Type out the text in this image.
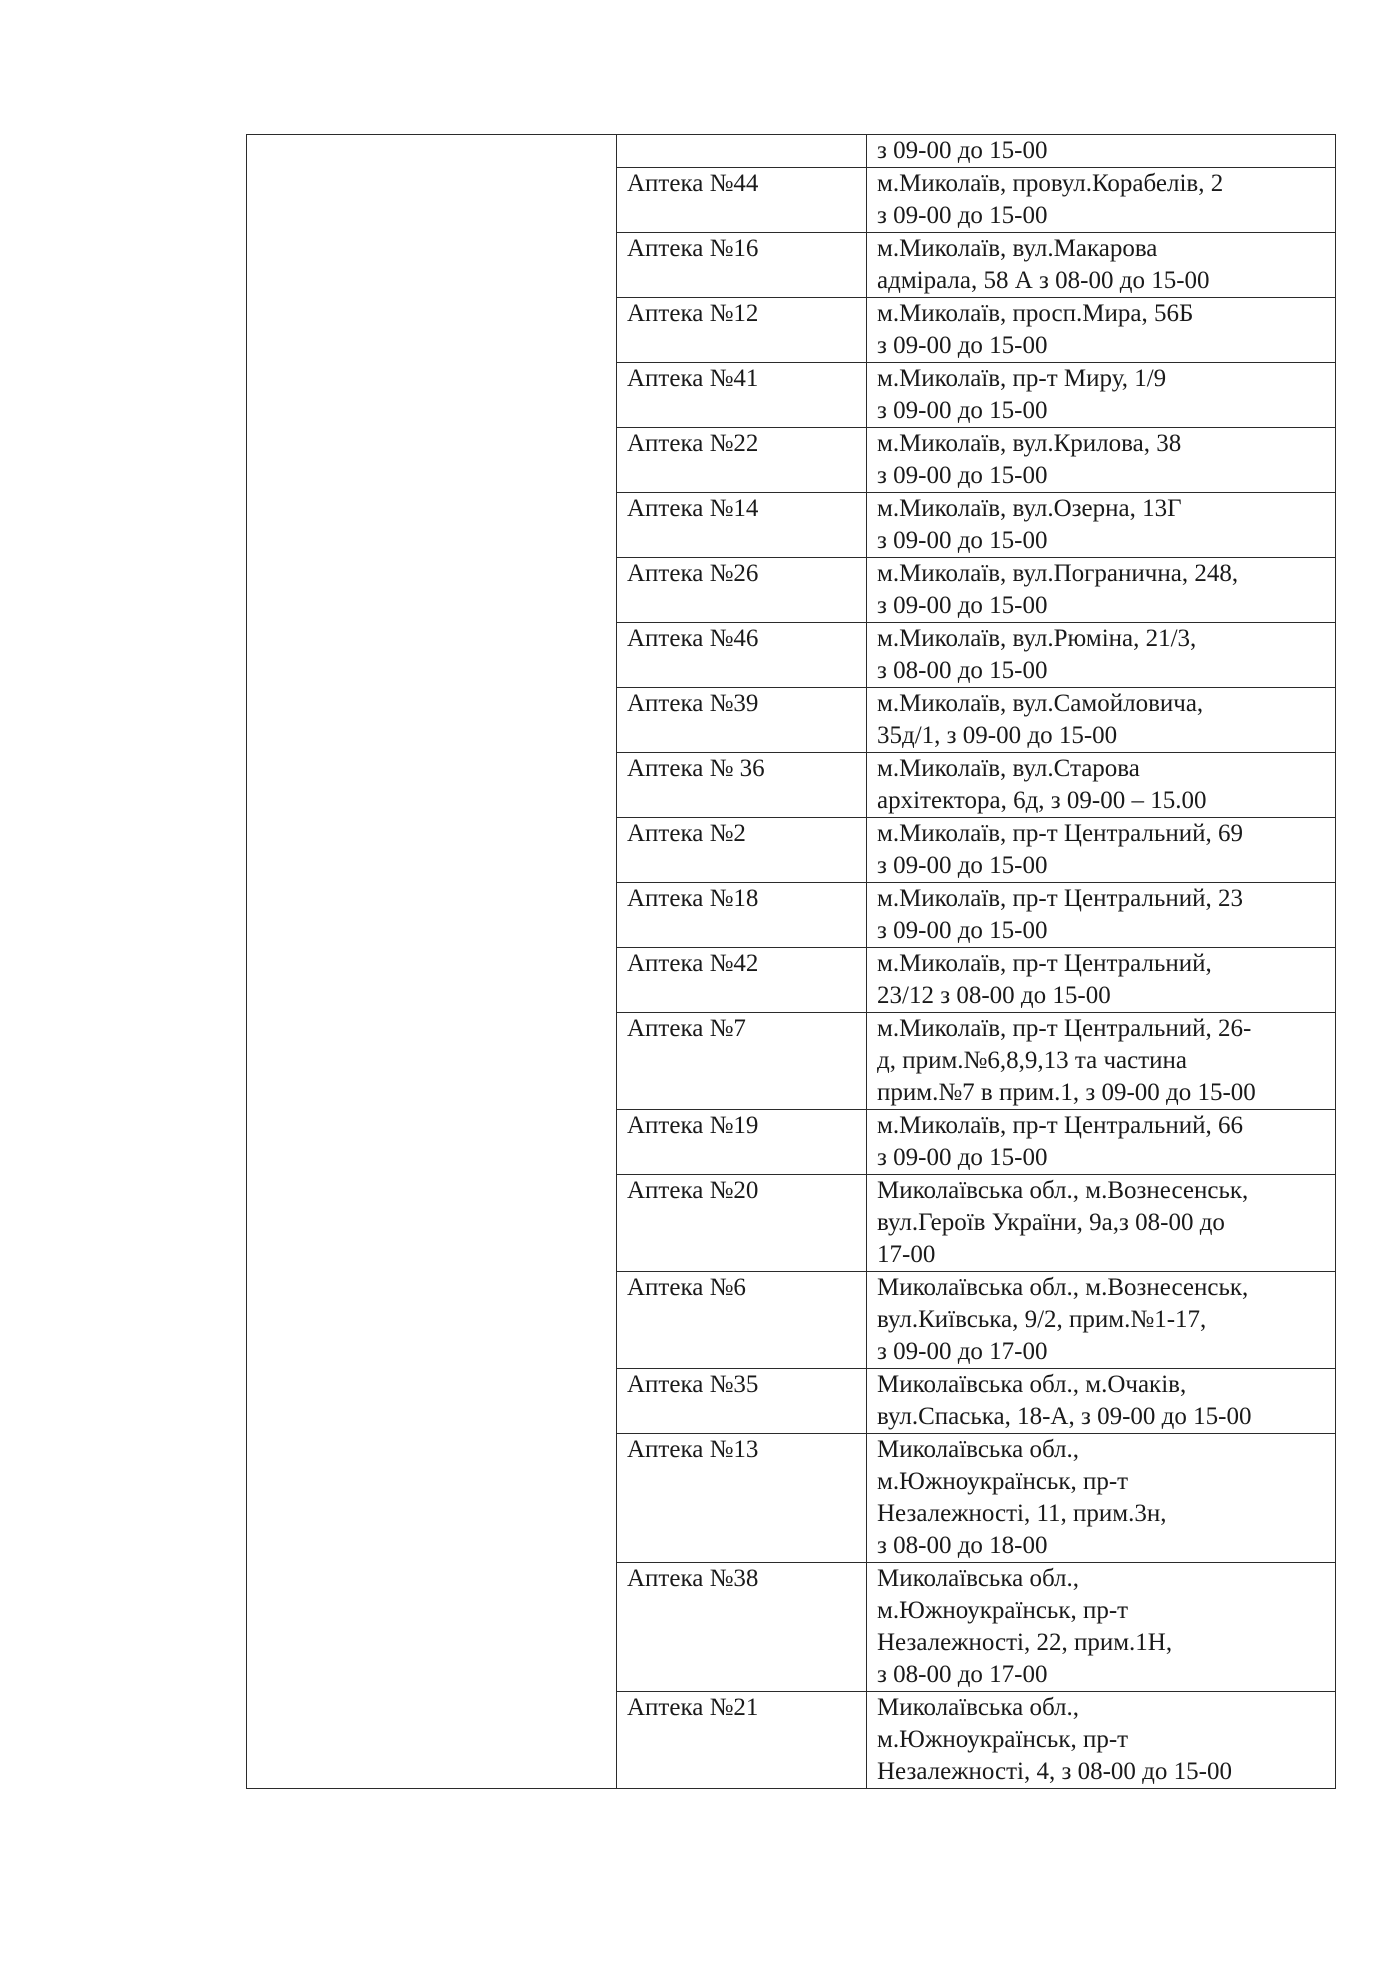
		з 09-00 до 15-00
	Аптека №44	м.Миколаїв, провул.Корабелів, 2
з 09-00 до 15-00
	Аптека №16	м.Миколаїв, вул.Макарова
адмірала, 58 А з 08-00 до 15-00
	Аптека №12	м.Миколаїв, просп.Мира, 56Б
з 09-00 до 15-00
	Аптека №41	м.Миколаїв, пр-т Миру, 1/9
з 09-00 до 15-00
	Аптека №22	м.Миколаїв, вул.Крилова, 38
з 09-00 до 15-00
	Аптека №14	м.Миколаїв, вул.Озерна, 13Г
з 09-00 до 15-00
	Аптека №26	м.Миколаїв, вул.Погранична, 248,
з 09-00 до 15-00
	Аптека №46	м.Миколаїв, вул.Рюміна, 21/3,
з 08-00 до 15-00
	Аптека №39	м.Миколаїв, вул.Самойловича,
35д/1, з 09-00 до 15-00
	Аптека № 36	м.Миколаїв, вул.Старова
архітектора, 6д, з 09-00 – 15.00
	Аптека №2	м.Миколаїв, пр-т Центральний, 69
з 09-00 до 15-00
	Аптека №18	м.Миколаїв, пр-т Центральний, 23
з 09-00 до 15-00
	Аптека №42	м.Миколаїв, пр-т Центральний,
23/12 з 08-00 до 15-00
	Аптека №7	м.Миколаїв, пр-т Центральний, 26-
д, прим.№6,8,9,13 та частина
прим.№7 в прим.1, з 09-00 до 15-00
	Аптека №19	м.Миколаїв, пр-т Центральний, 66
з 09-00 до 15-00
	Аптека №20	Миколаївська обл., м.Вознесенськ,
вул.Героїв України, 9а,з 08-00 до
17-00
	Аптека №6	Миколаївська обл., м.Вознесенськ,
вул.Київська, 9/2, прим.№1-17,
з 09-00 до 17-00
	Аптека №35	Миколаївська обл., м.Очаків,
вул.Спаська, 18-А, з 09-00 до 15-00
	Аптека №13	Миколаївська обл.,
м.Южноукраїнськ, пр-т
Незалежності, 11, прим.3н,
з 08-00 до 18-00
	Аптека №38	Миколаївська обл.,
м.Южноукраїнськ, пр-т
Незалежності, 22, прим.1Н,
з 08-00 до 17-00
	Аптека №21	Миколаївська обл.,
м.Южноукраїнськ, пр-т
Незалежності, 4, з 08-00 до 15-00
